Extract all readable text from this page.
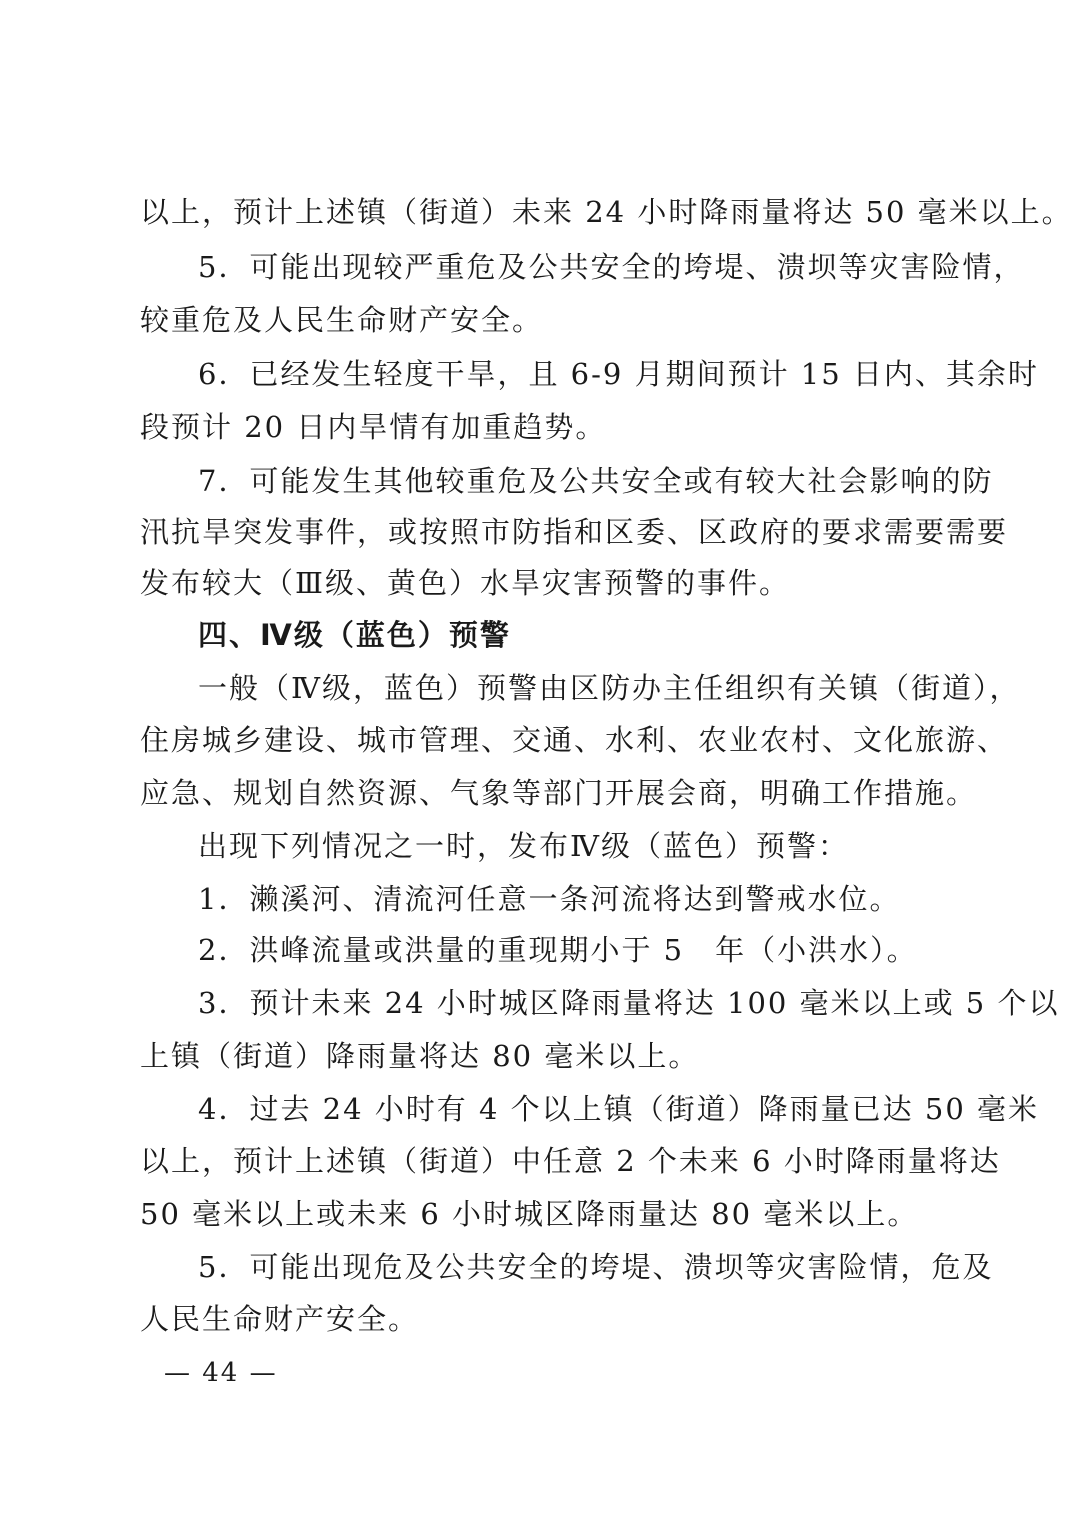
以上，预计上述镇（街道）未来 24 小时降雨量将达 50 毫米以上。
5．可能出现较严重危及公共安全的垮堤、溃坝等灾害险情，
较重危及人民生命财产安全。
6．已经发生轻度干旱，且 6-9 月期间预计 15 日内、其余时
段预计 20 日内旱情有加重趋势。
7．可能发生其他较重危及公共安全或有较大社会影响的防
汛抗旱突发事件，或按照市防指和区委、区政府的要求需要需要
发布较大（Ⅲ级、黄色）水旱灾害预警的事件。
四、Ⅳ级（蓝色）预警
一般（Ⅳ级，蓝色）预警由区防办主任组织有关镇（街道），
住房城乡建设、城市管理、交通、水利、农业农村、文化旅游、
应急、规划自然资源、气象等部门开展会商，明确工作措施。
出现下列情况之一时，发布Ⅳ级（蓝色）预警：
1．濑溪河、清流河任意一条河流将达到警戒水位。
2．洪峰流量或洪量的重现期小于 5　年（小洪水）。
3．预计未来 24 小时城区降雨量将达 100 毫米以上或 5 个以
上镇（街道）降雨量将达 80 毫米以上。
4．过去 24 小时有 4 个以上镇（街道）降雨量已达 50 毫米
以上，预计上述镇（街道）中任意 2 个未来 6 小时降雨量将达
50 毫米以上或未来 6 小时城区降雨量达 80 毫米以上。
5．可能出现危及公共安全的垮堤、溃坝等灾害险情，危及
人民生命财产安全。
— 44 —
